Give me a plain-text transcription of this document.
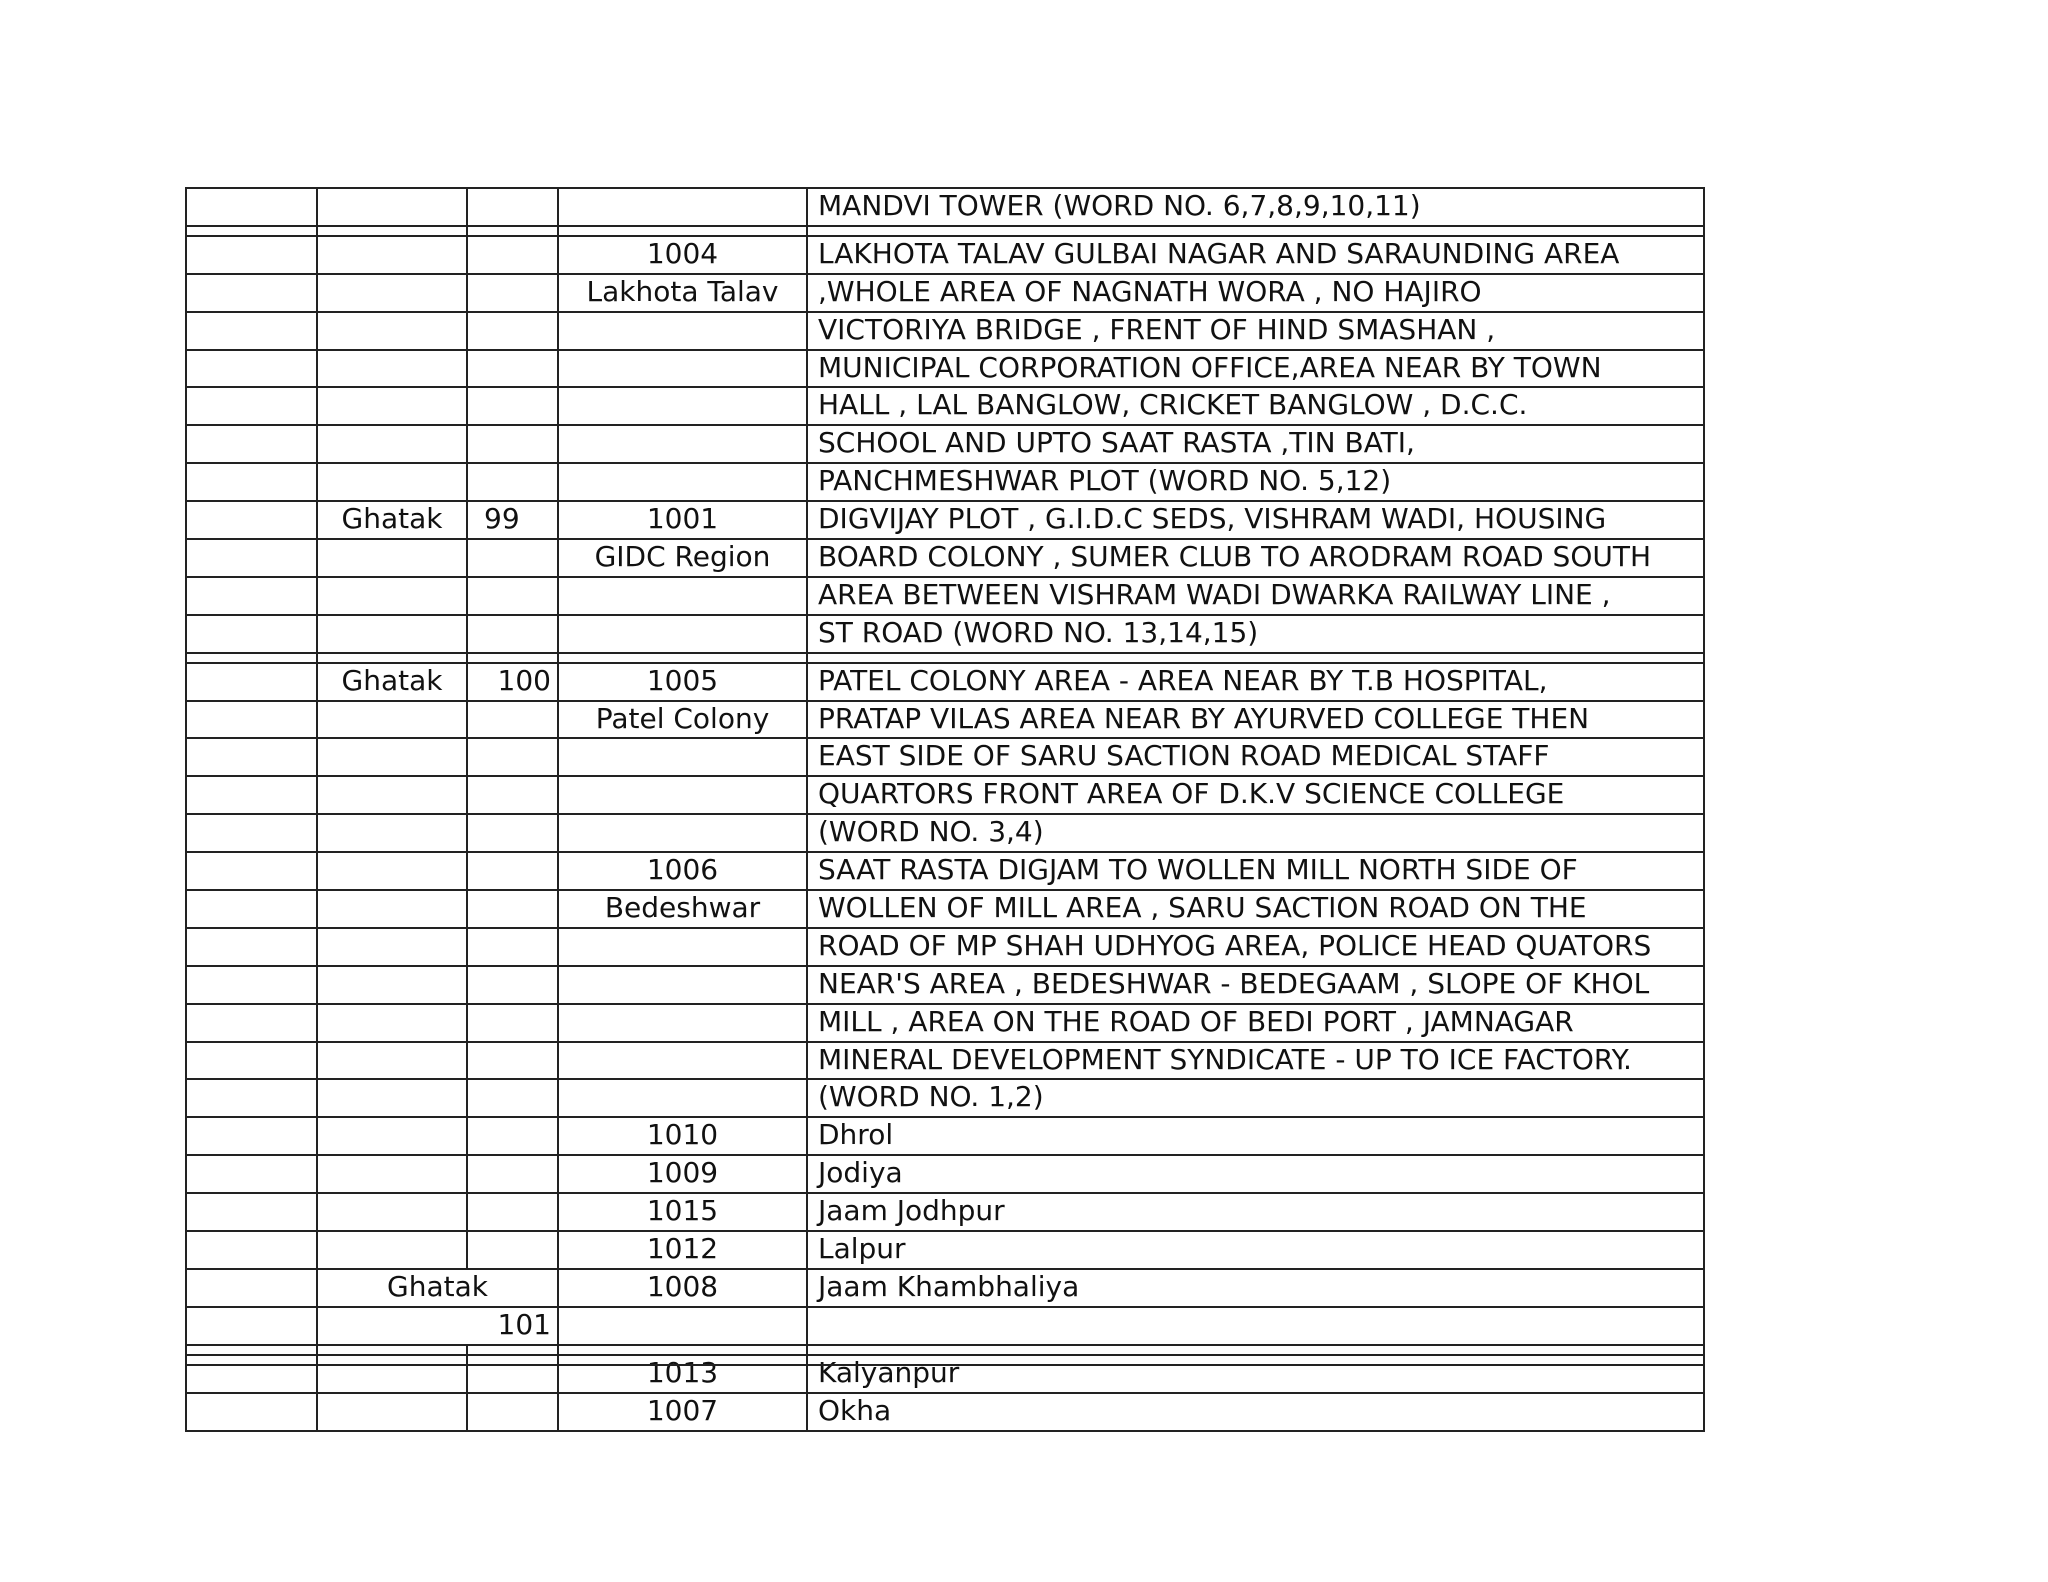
MANDVI TOWER (WORD NO. 6,7,8,9,10,11)
1004	LAKHOTA TALAV GULBAI NAGAR AND SARAUNDING AREA
Lakhota Talav	,WHOLE AREA OF NAGNATH WORA , NO HAJIRO
VICTORIYA BRIDGE , FRENT OF HIND SMASHAN ,
MUNICIPAL CORPORATION OFFICE,AREA NEAR BY TOWN
HALL , LAL BANGLOW, CRICKET BANGLOW , D.C.C.
SCHOOL AND UPTO SAAT RASTA ,TIN BATI,
PANCHMESHWAR PLOT (WORD NO. 5,12)
Ghatak	99	1001	DIGVIJAY PLOT , G.I.D.C SEDS, VISHRAM WADI, HOUSING
GIDC Region	BOARD COLONY , SUMER CLUB TO ARODRAM ROAD SOUTH
AREA BETWEEN VISHRAM WADI DWARKA RAILWAY LINE ,
ST ROAD (WORD NO. 13,14,15)
Ghatak	100	1005	PATEL COLONY AREA - AREA NEAR BY T.B HOSPITAL,
Patel Colony	PRATAP VILAS AREA NEAR BY AYURVED COLLEGE THEN
EAST SIDE OF SARU SACTION ROAD MEDICAL STAFF
QUARTORS FRONT AREA OF D.K.V SCIENCE COLLEGE
(WORD NO. 3,4)
1006	SAAT RASTA DIGJAM TO WOLLEN MILL NORTH SIDE OF
Bedeshwar	WOLLEN OF MILL AREA , SARU SACTION ROAD ON THE
ROAD OF MP SHAH UDHYOG AREA, POLICE HEAD QUATORS
NEAR'S AREA , BEDESHWAR - BEDEGAAM , SLOPE OF KHOL
MILL , AREA ON THE ROAD OF BEDI PORT , JAMNAGAR
MINERAL DEVELOPMENT SYNDICATE - UP TO ICE FACTORY.
(WORD NO. 1,2)
1010	Dhrol
1009	Jodiya
1015	Jaam Jodhpur
1012	Lalpur
Ghatak	1008	Jaam Khambhaliya
101
1013	Kalyanpur
1007	Okha
